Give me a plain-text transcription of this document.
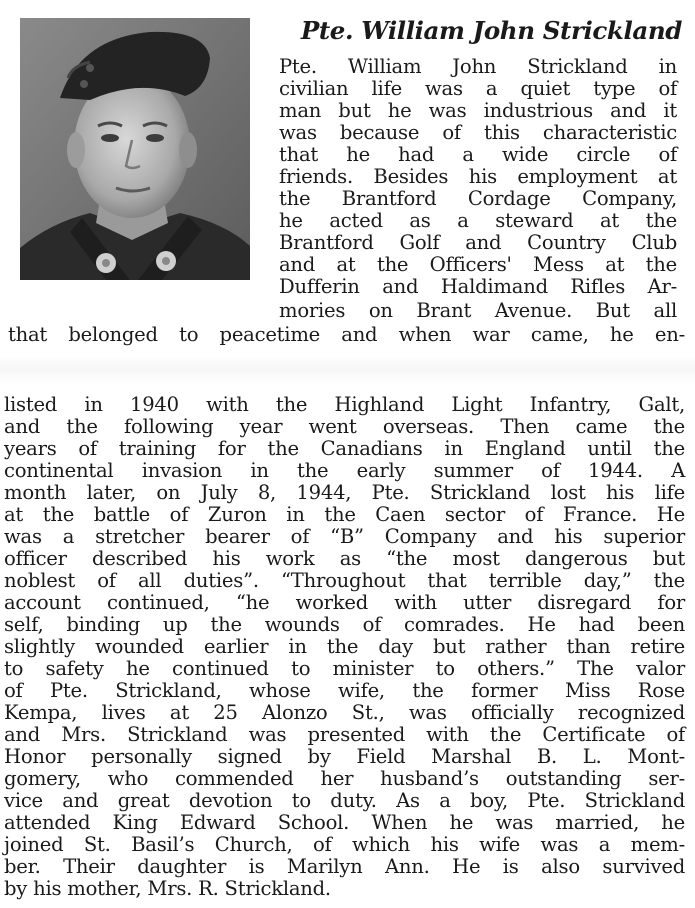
Pte. William John Strickland

Pte. William John Strickland in

civilian life was a quiet type of

man but he was industrious and it

was because of this characteristic

that he had a wide circle of

friends. Besides his employment at

the Brantford Cordage Company,

he acted as a steward at the

Brantford Golf and Country Club

and at the Officers' Mess at the

Dufferin and Haldimand Rifles Ar-

mories on Brant Avenue. But all

that belonged to peacetime and when war came, he en-

listed in 1940 with the Highland Light Infantry, Galt,

and the following year went overseas. Then came the

years of training for the Canadians in England until the

continental invasion in the early summer of 1944. A

month later, on July 8, 1944, Pte. Strickland lost his life

at the battle of Zuron in the Caen sector of France. He

was a stretcher bearer of “B” Company and his superior

officer described his work as “the most dangerous but

noblest of all duties”. “Throughout that terrible day,” the

account continued, “he worked with utter disregard for

self, binding up the wounds of comrades. He had been

slightly wounded earlier in the day but rather than retire

to safety he continued to minister to others.” The valor

of Pte. Strickland, whose wife, the former Miss Rose

Kempa, lives at 25 Alonzo St., was officially recognized

and Mrs. Strickland was presented with the Certificate of

Honor personally signed by Field Marshal B. L. Mont-

gomery, who commended her husband’s outstanding ser-

vice and great devotion to duty. As a boy, Pte. Strickland

attended King Edward School. When he was married, he

joined St. Basil’s Church, of which his wife was a mem-

ber. Their daughter is Marilyn Ann. He is also survived

by his mother, Mrs. R. Strickland.
